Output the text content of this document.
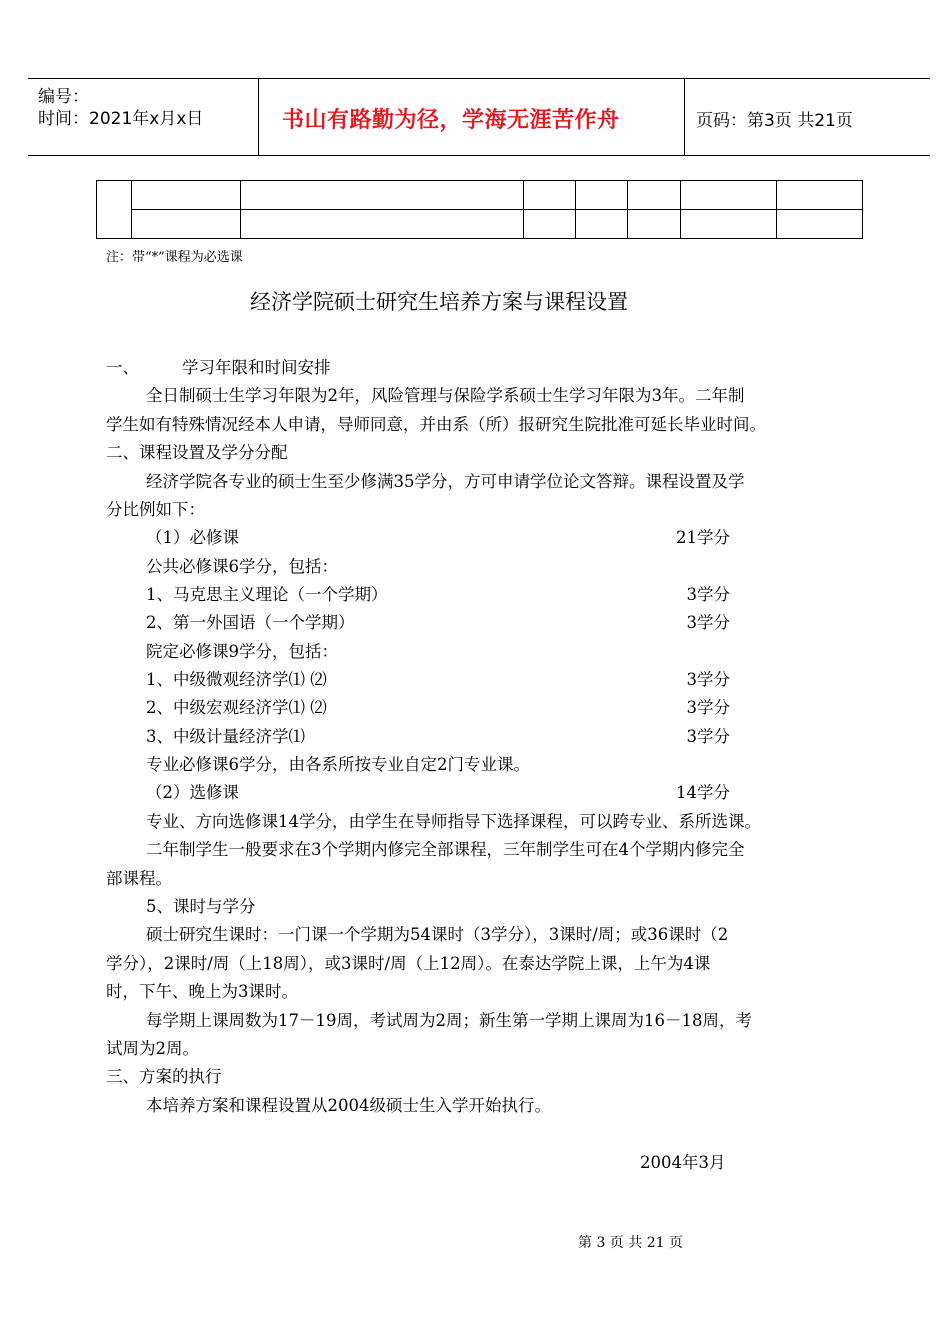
编号：
时间：2021年x月x日	书山有路勤为径，学海无涯苦作舟	页码：第3页 共21页

注：带“*”课程为必选课
经济学院硕士研究生培养方案与课程设置
一、	学习年限和时间安排
全日制硕士生学习年限为2年，风险管理与保险学系硕士生学习年限为3年。二年制
学生如有特殊情况经本人申请，导师同意，并由系（所）报研究生院批准可延长毕业时间。
二、课程设置及学分分配
经济学院各专业的硕士生至少修满35学分，方可申请学位论文答辩。课程设置及学
分比例如下：
（1）必修课	21学分
公共必修课6学分，包括：
1、马克思主义理论（一个学期）	3学分
2、第一外国语（一个学期）	3学分
院定必修课9学分，包括：
1、中级微观经济学⑴ ⑵	3学分
2、中级宏观经济学⑴ ⑵	3学分
3、中级计量经济学⑴	3学分
专业必修课6学分，由各系所按专业自定2门专业课。
（2）选修课	14学分
专业、方向选修课14学分，由学生在导师指导下选择课程，可以跨专业、系所选课。
二年制学生一般要求在3个学期内修完全部课程，三年制学生可在4个学期内修完全
部课程。
5、课时与学分
硕士研究生课时：一门课一个学期为54课时（3学分），3课时/周；或36课时（2
学分），2课时/周（上18周），或3课时/周（上12周）。在泰达学院上课，上午为4课
时，下午、晚上为3课时。
每学期上课周数为17－19周，考试周为2周；新生第一学期上课周为16－18周，考
试周为2周。
三、方案的执行
本培养方案和课程设置从2004级硕士生入学开始执行。
2004年3月
第 3 页 共 21 页
